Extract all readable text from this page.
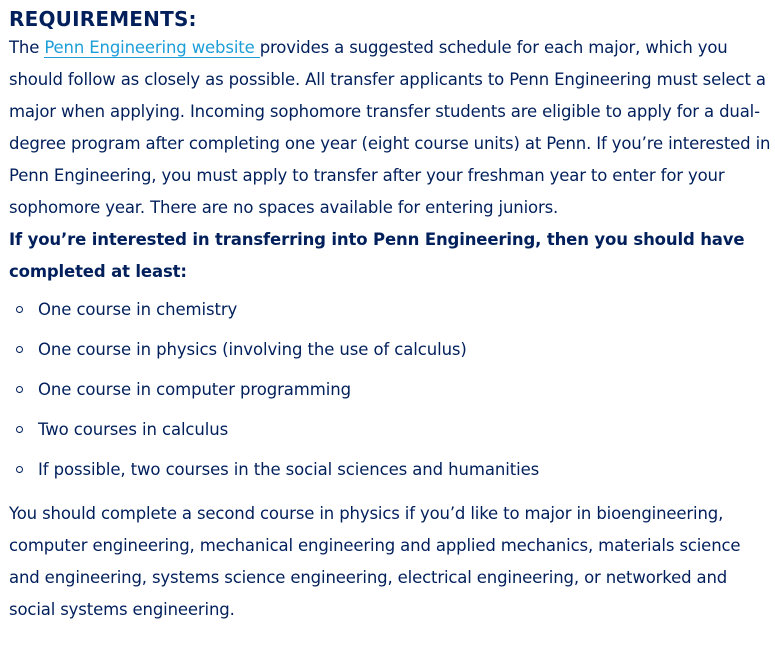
REQUIREMENTS:

The Penn Engineering website provides a suggested schedule for each major, which you should follow as closely as possible. All transfer applicants to Penn Engineering must select a major when applying. Incoming sophomore transfer students are eligible to apply for a dual-degree program after completing one year (eight course units) at Penn. If you’re interested in Penn Engineering, you must apply to transfer after your freshman year to enter for your sophomore year. There are no spaces available for entering juniors.

If you’re interested in transferring into Penn Engineering, then you should have completed at least:

One course in chemistry
One course in physics (involving the use of calculus)
One course in computer programming
Two courses in calculus
If possible, two courses in the social sciences and humanities

You should complete a second course in physics if you’d like to major in bioengineering, computer engineering, mechanical engineering and applied mechanics, materials science and engineering, systems science engineering, electrical engineering, or networked and social systems engineering.
